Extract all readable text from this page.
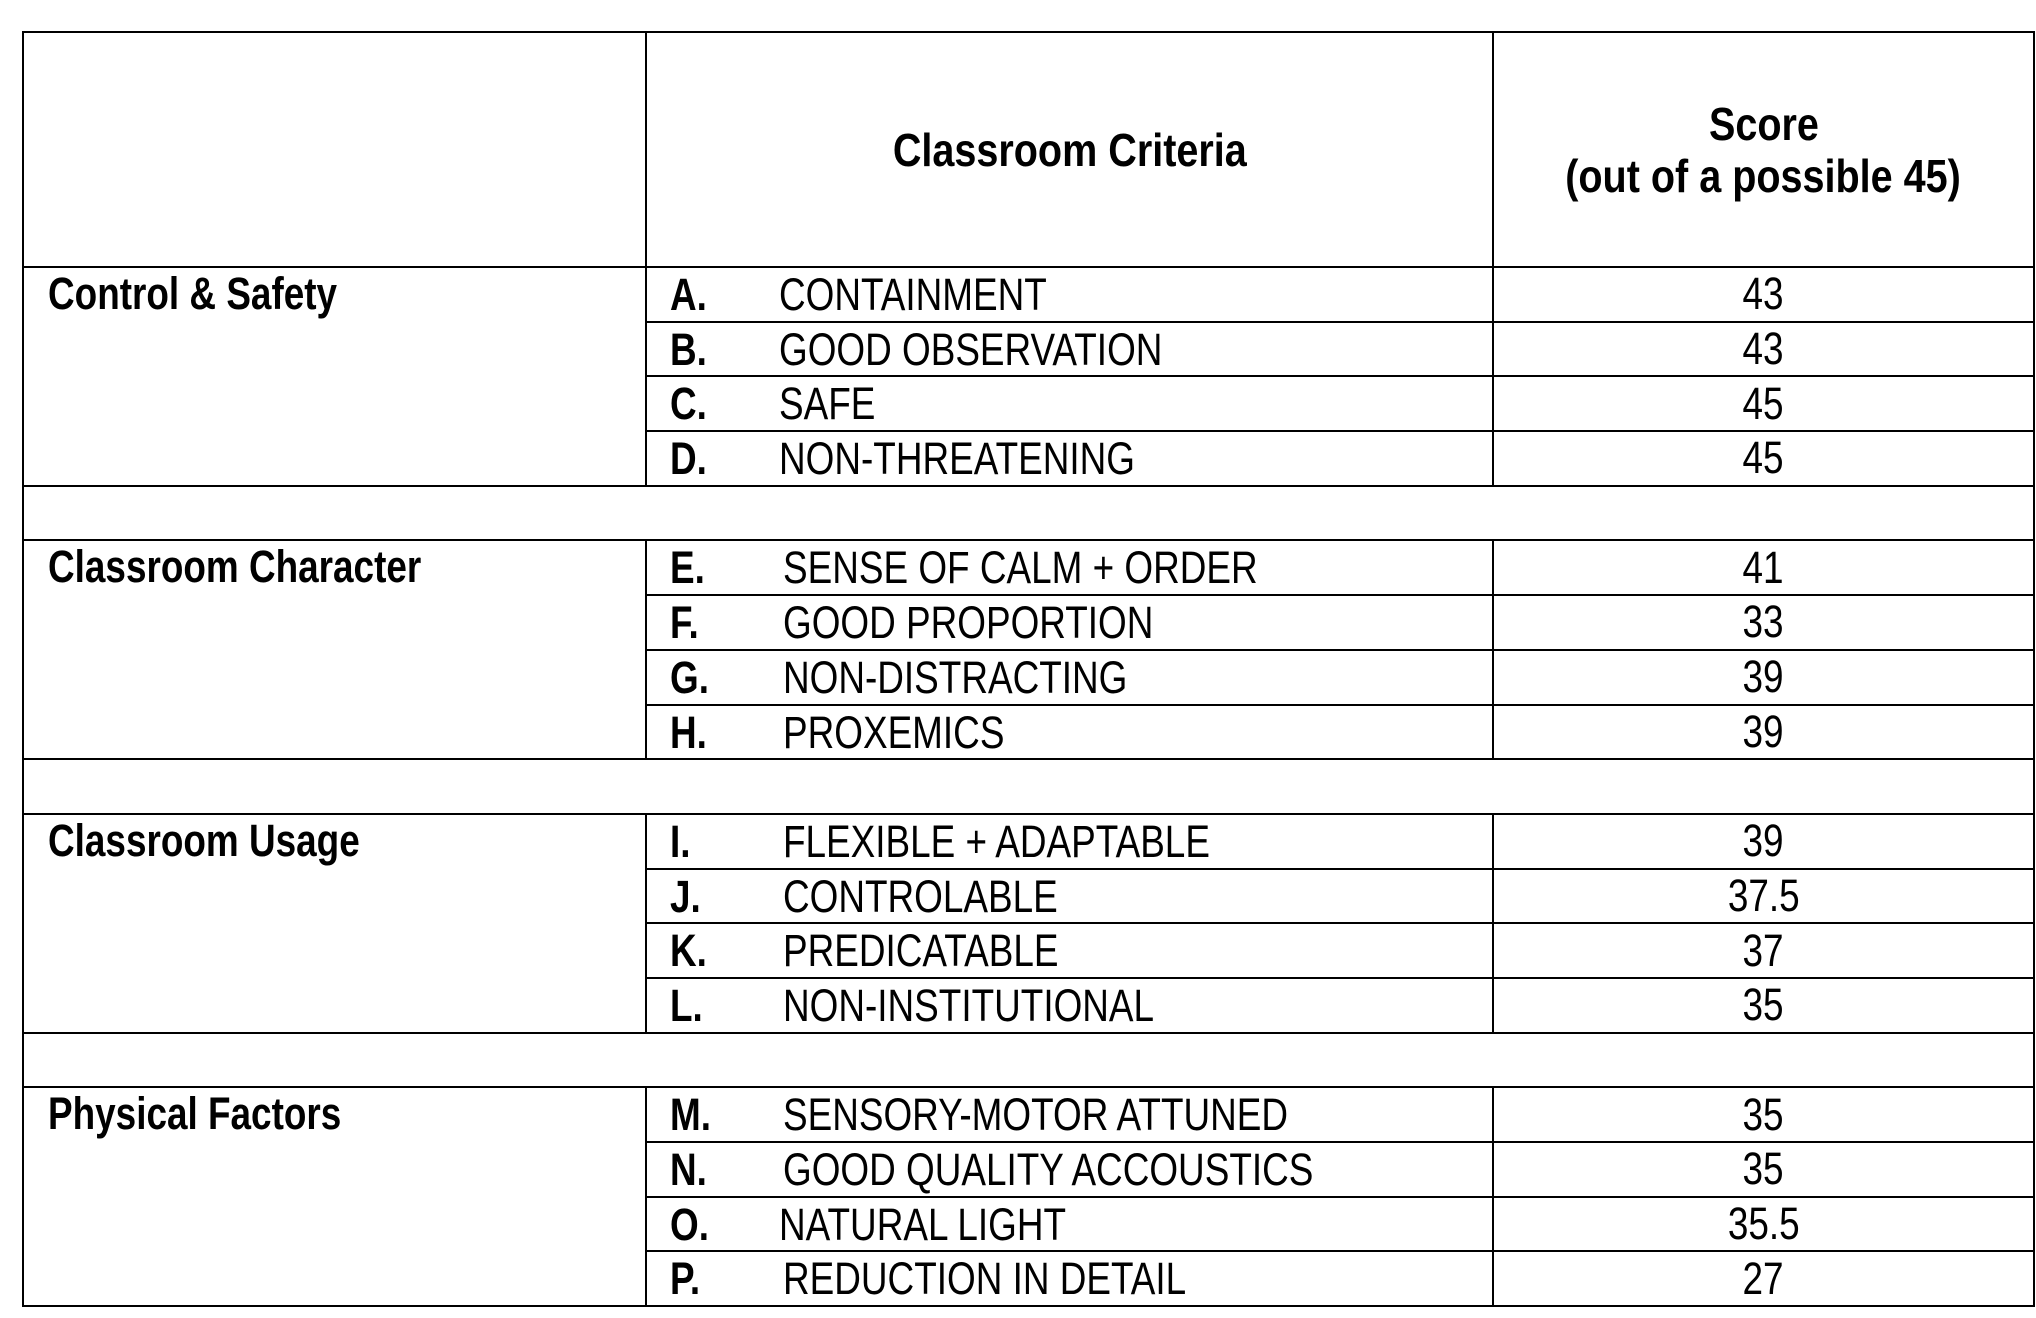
	Classroom Criteria	Score
(out of a possible 45)
Control & Safety	A. CONTAINMENT	43

	B. GOOD OBSERVATION	43

	C. SAFE	45

	D. NON-THREATENING	45

Classroom Character	E. SENSE OF CALM + ORDER	41

	F. GOOD PROPORTION	33

	G. NON-DISTRACTING	39

	H. PROXEMICS	39

Classroom Usage	I. FLEXIBLE + ADAPTABLE	39

	J. CONTROLABLE	37.5

	K. PREDICATABLE	37

	L. NON-INSTITUTIONAL	35

Physical Factors	M. SENSORY-MOTOR ATTUNED	35

	N. GOOD QUALITY ACCOUSTICS	35

	O. NATURAL LIGHT	35.5

	P. REDUCTION IN DETAIL	27
